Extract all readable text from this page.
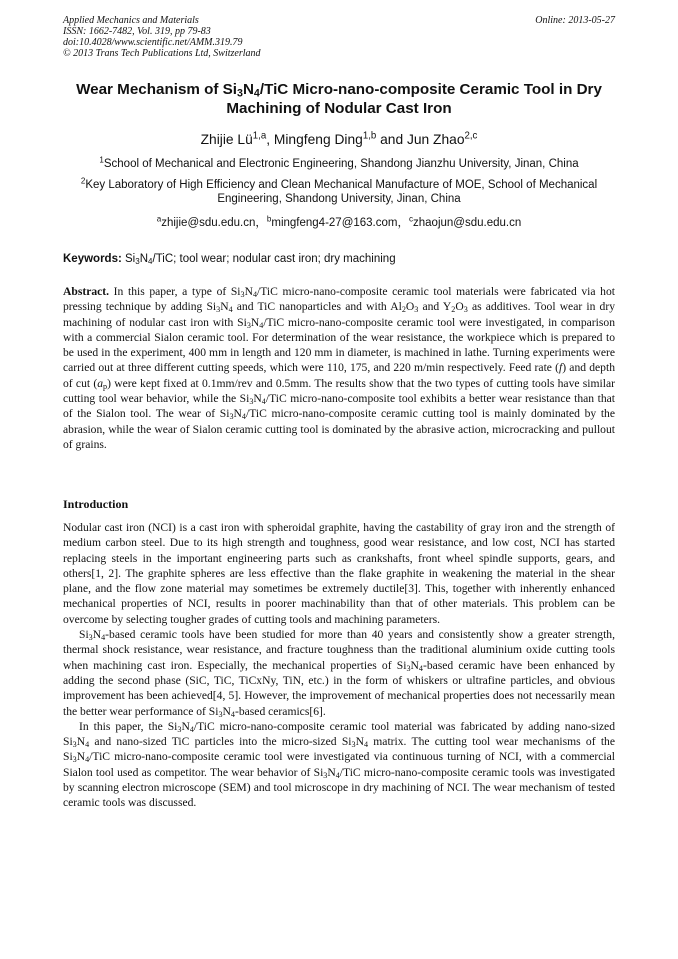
Applied Mechanics and Materials
ISSN: 1662-7482, Vol. 319, pp 79-83
doi:10.4028/www.scientific.net/AMM.319.79
© 2013 Trans Tech Publications Ltd, Switzerland
Online: 2013-05-27
Wear Mechanism of $Si_3N_4$/TiC Micro-nano-composite Ceramic Tool in Dry Machining of Nodular Cast Iron
Zhijie Lü$^{1,a}$, Mingfeng Ding$^{1,b}$ and Jun Zhao$^{2,c}$
$^1$School of Mechanical and Electronic Engineering, Shandong Jianzhu University, Jinan, China
$^2$Key Laboratory of High Efficiency and Clean Mechanical Manufacture of MOE, School of Mechanical Engineering, Shandong University, Jinan, China
$^a$zhijie@sdu.edu.cn，$^b$mingfeng4-27@163.com，$^c$zhaojun@sdu.edu.cn
Keywords: $Si_3N_4$/TiC; tool wear; nodular cast iron; dry machining

Abstract. In this paper, a type of $Si_3N_4$/TiC micro-nano-composite ceramic tool materials were fabricated via hot pressing technique by adding $Si_3N_4$ and TiC nanoparticles and with $Al_2O_3$ and $Y_2O_3$ as additives. Tool wear in dry machining of nodular cast iron with $Si_3N_4$/TiC micro-nano-composite ceramic tool were investigated, in comparison with a commercial Sialon ceramic tool. For determination of the wear resistance, the workpiece which is prepared to be used in the experiment, 400 mm in length and 120 mm in diameter, is machined in lathe. Turning experiments were carried out at three different cutting speeds, which were 110, 175, and 220 m/min respectively. Feed rate (f) and depth of cut $(a_p)$ were kept fixed at 0.1mm/rev and 0.5mm. The results show that the two types of cutting tools have similar cutting tool wear behavior, while the $Si_3N_4$/TiC micro-nano-composite tool exhibits a better wear resistance than that of the Sialon tool. The wear of $Si_3N_4$/TiC micro-nano-composite ceramic cutting tool is mainly dominated by the abrasion, while the wear of Sialon ceramic cutting tool is dominated by the abrasive action, microcracking and pullout of grains.

Introduction

Nodular cast iron (NCI) is a cast iron with spheroidal graphite, having the castability of gray iron and the strength of medium carbon steel. Due to its high strength and toughness, good wear resistance, and low cost, NCI has started replacing steels in the important engineering parts such as crankshafts, front wheel spindle supports, gears, and others[1, 2]. The graphite spheres are less effective than the flake graphite in weakening the material in the shear plane, and the flow zone material may sometimes be extremely ductile[3]. This, together with inherently enhanced mechanical properties of NCI, results in poorer machinability than that of other materials. This problem can be overcome by selecting tougher grades of cutting tools and machining parameters.

$Si_3N_4$-based ceramic tools have been studied for more than 40 years and consistently show a greater strength, thermal shock resistance, wear resistance, and fracture toughness than the traditional aluminium oxide cutting tools when machining cast iron. Especially, the mechanical properties of $Si_3N_4$-based ceramic have been enhanced by adding the second phase (SiC, TiC, TiCxNy, TiN, etc.) in the form of whiskers or ultrafine particles, and obvious improvement has been achieved[4, 5]. However, the improvement of mechanical properties does not necessarily mean the better wear performance of $Si_3N_4$-based ceramics[6].

In this paper, the $Si_3N_4$/TiC micro-nano-composite ceramic tool material was fabricated by adding nano-sized $Si_3N_4$ and nano-sized TiC particles into the micro-sized $Si_3N_4$ matrix. The cutting tool wear mechanisms of the $Si_3N_4$/TiC micro-nano-composite ceramic tool were investigated via continuous turning of NCI, with a commercial Sialon tool used as competitor. The wear behavior of $Si_3N_4$/TiC micro-nano-composite ceramic tools was investigated by scanning electron microscope (SEM) and tool microscope in dry machining of NCI. The wear mechanism of tested ceramic tools was discussed.
